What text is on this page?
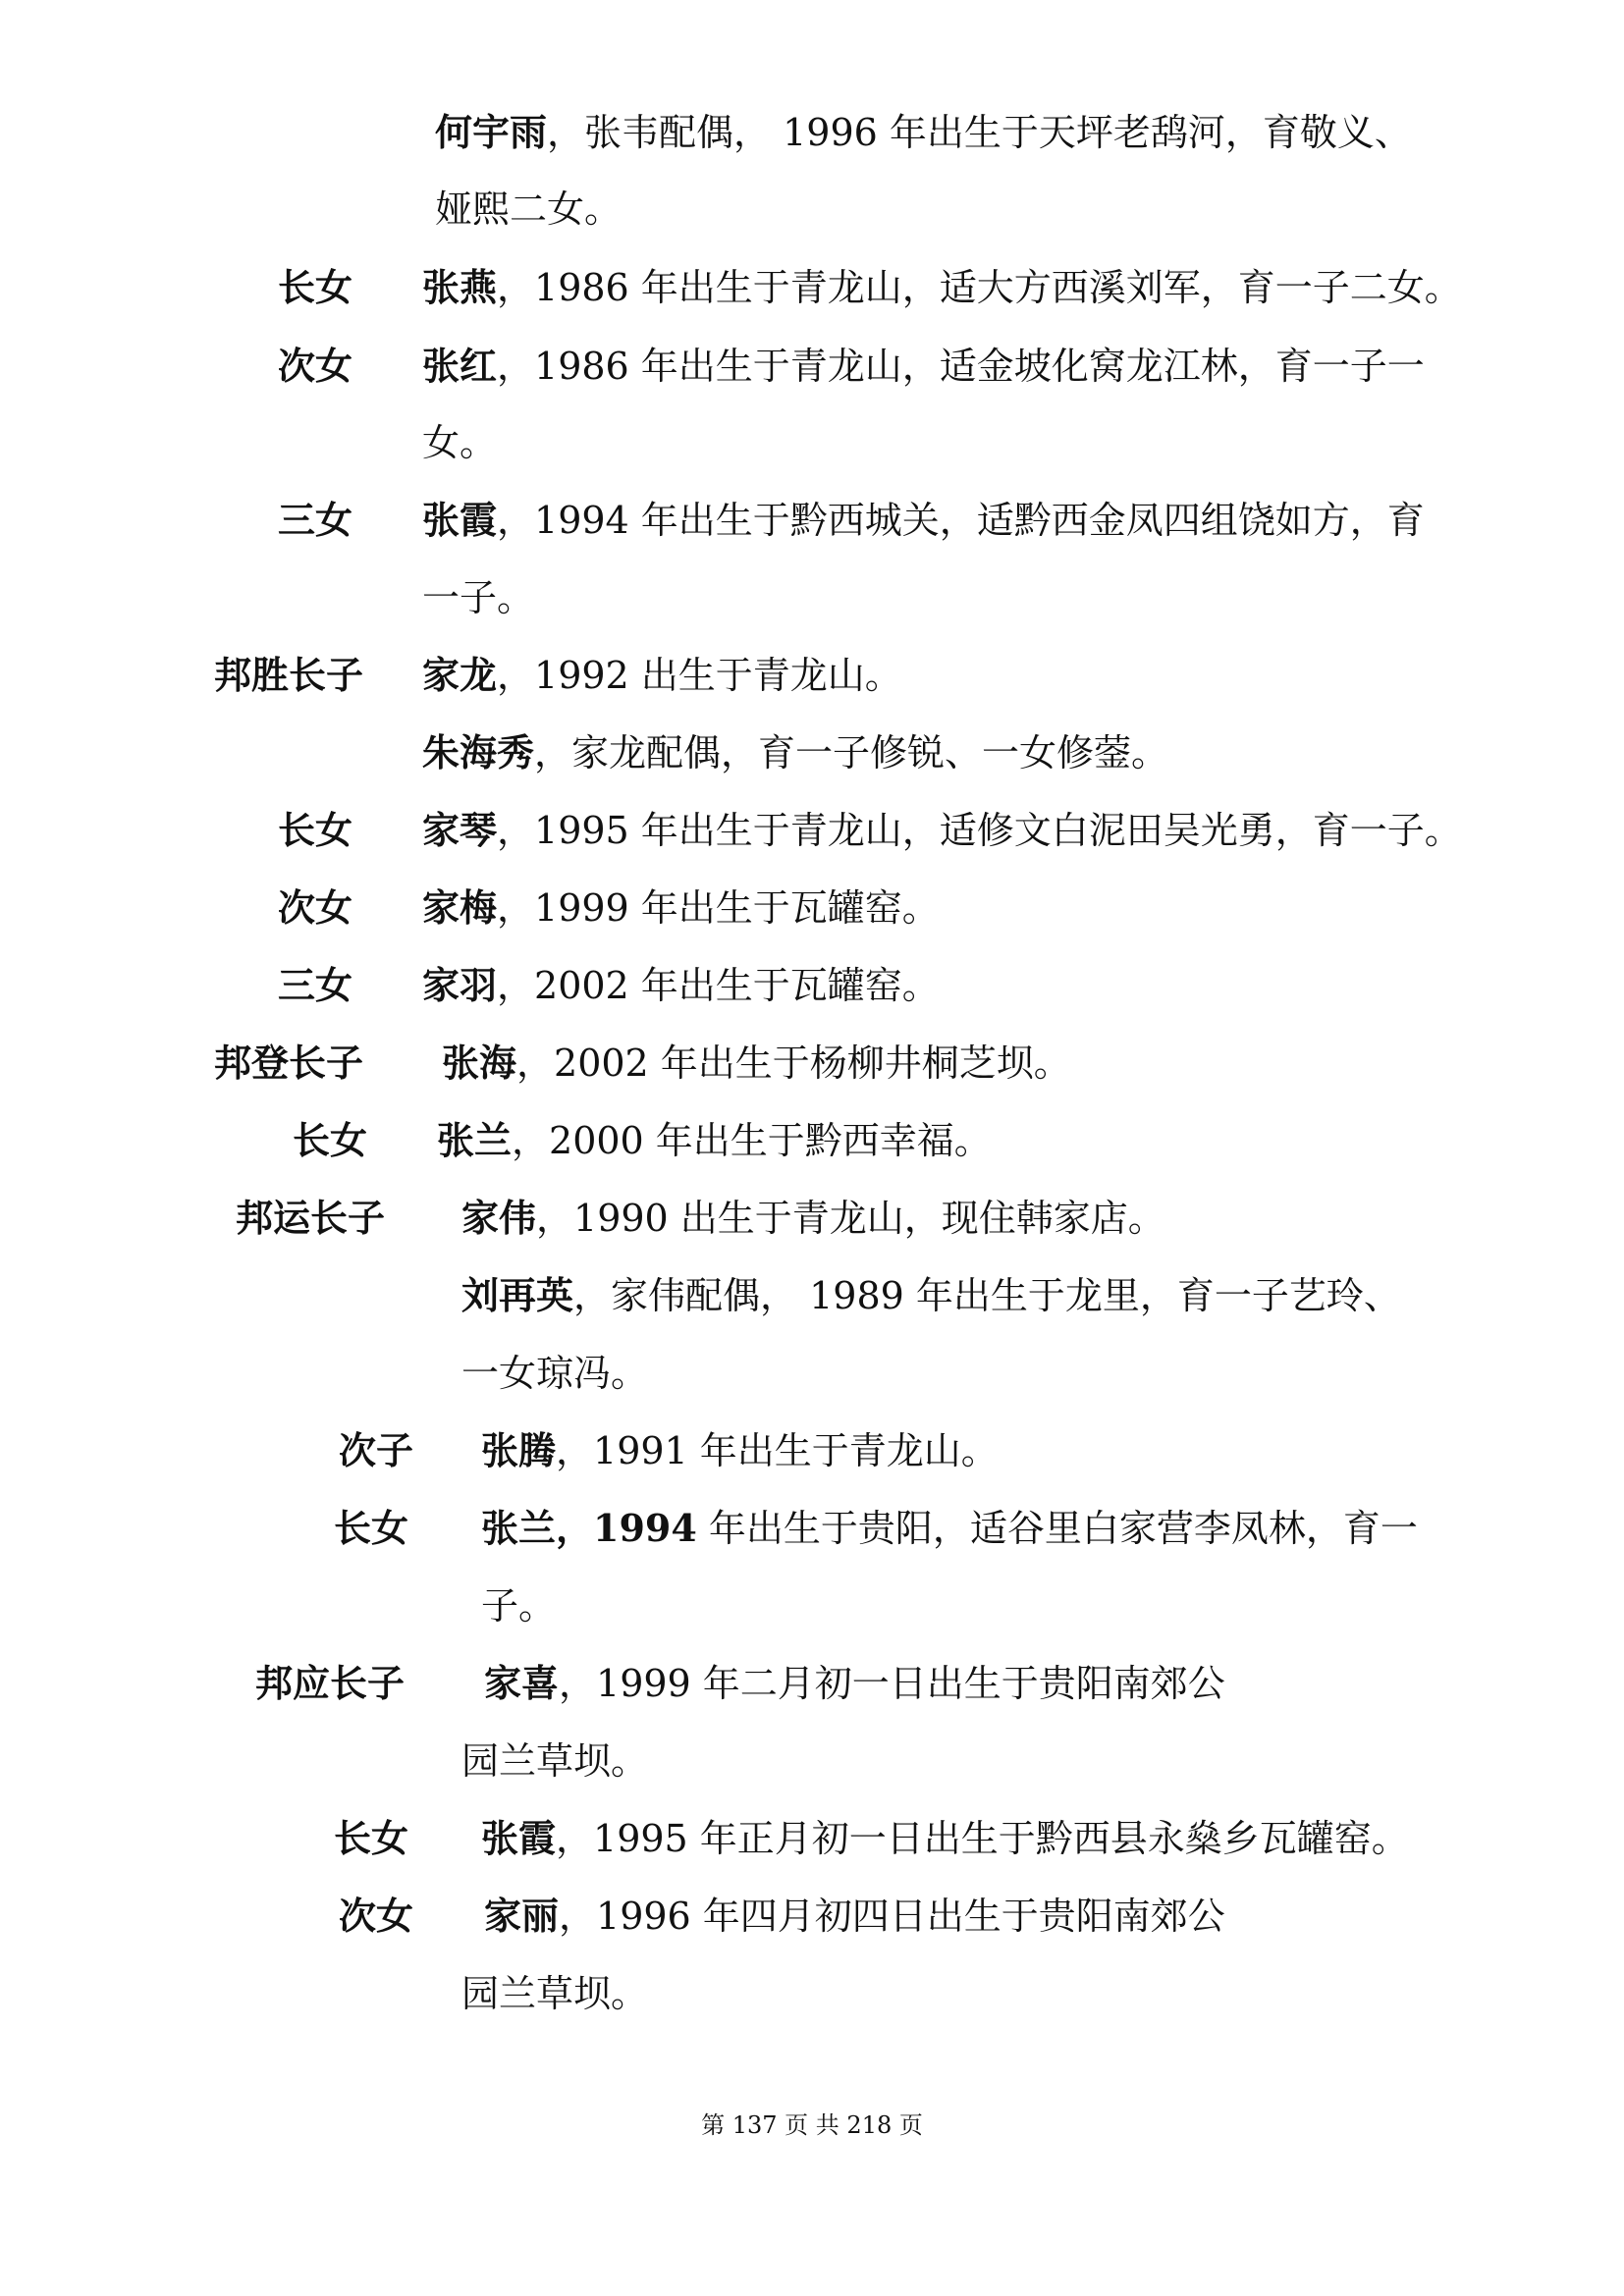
何宇雨，张韦配偶， 1996 年出生于天坪老鸹河，育敬义、
娅熙二女。
长女 张燕，1986 年出生于青龙山，适大方西溪刘军，育一子二女。
次女 张红，1986 年出生于青龙山，适金坡化窝龙江林，育一子一
女。
三女 张霞，1994 年出生于黔西城关，适黔西金凤四组饶如方，育
一子。
邦胜长子 家龙，1992 出生于青龙山。
朱海秀，家龙配偶，育一子修锐、一女修蓥。
长女 家琴，1995 年出生于青龙山，适修文白泥田吴光勇，育一子。
次女 家梅，1999 年出生于瓦罐窑。
三女 家羽，2002 年出生于瓦罐窑。
邦登长子 张海，2002 年出生于杨柳井桐芝坝。
长女 张兰，2000 年出生于黔西幸福。
邦运长子 家伟，1990 出生于青龙山，现住韩家店。
刘再英，家伟配偶， 1989 年出生于龙里，育一子艺玲、
一女琼冯。
次子 张腾，1991 年出生于青龙山。
长女 张兰，1994 年出生于贵阳，适谷里白家营李凤林，育一
子。
邦应长子 家喜，1999 年二月初一日出生于贵阳南郊公
园兰草坝。
长女 张霞，1995 年正月初一日出生于黔西县永燊乡瓦罐窑。
次女 家丽，1996 年四月初四日出生于贵阳南郊公
园兰草坝。
第 137 页 共 218 页
